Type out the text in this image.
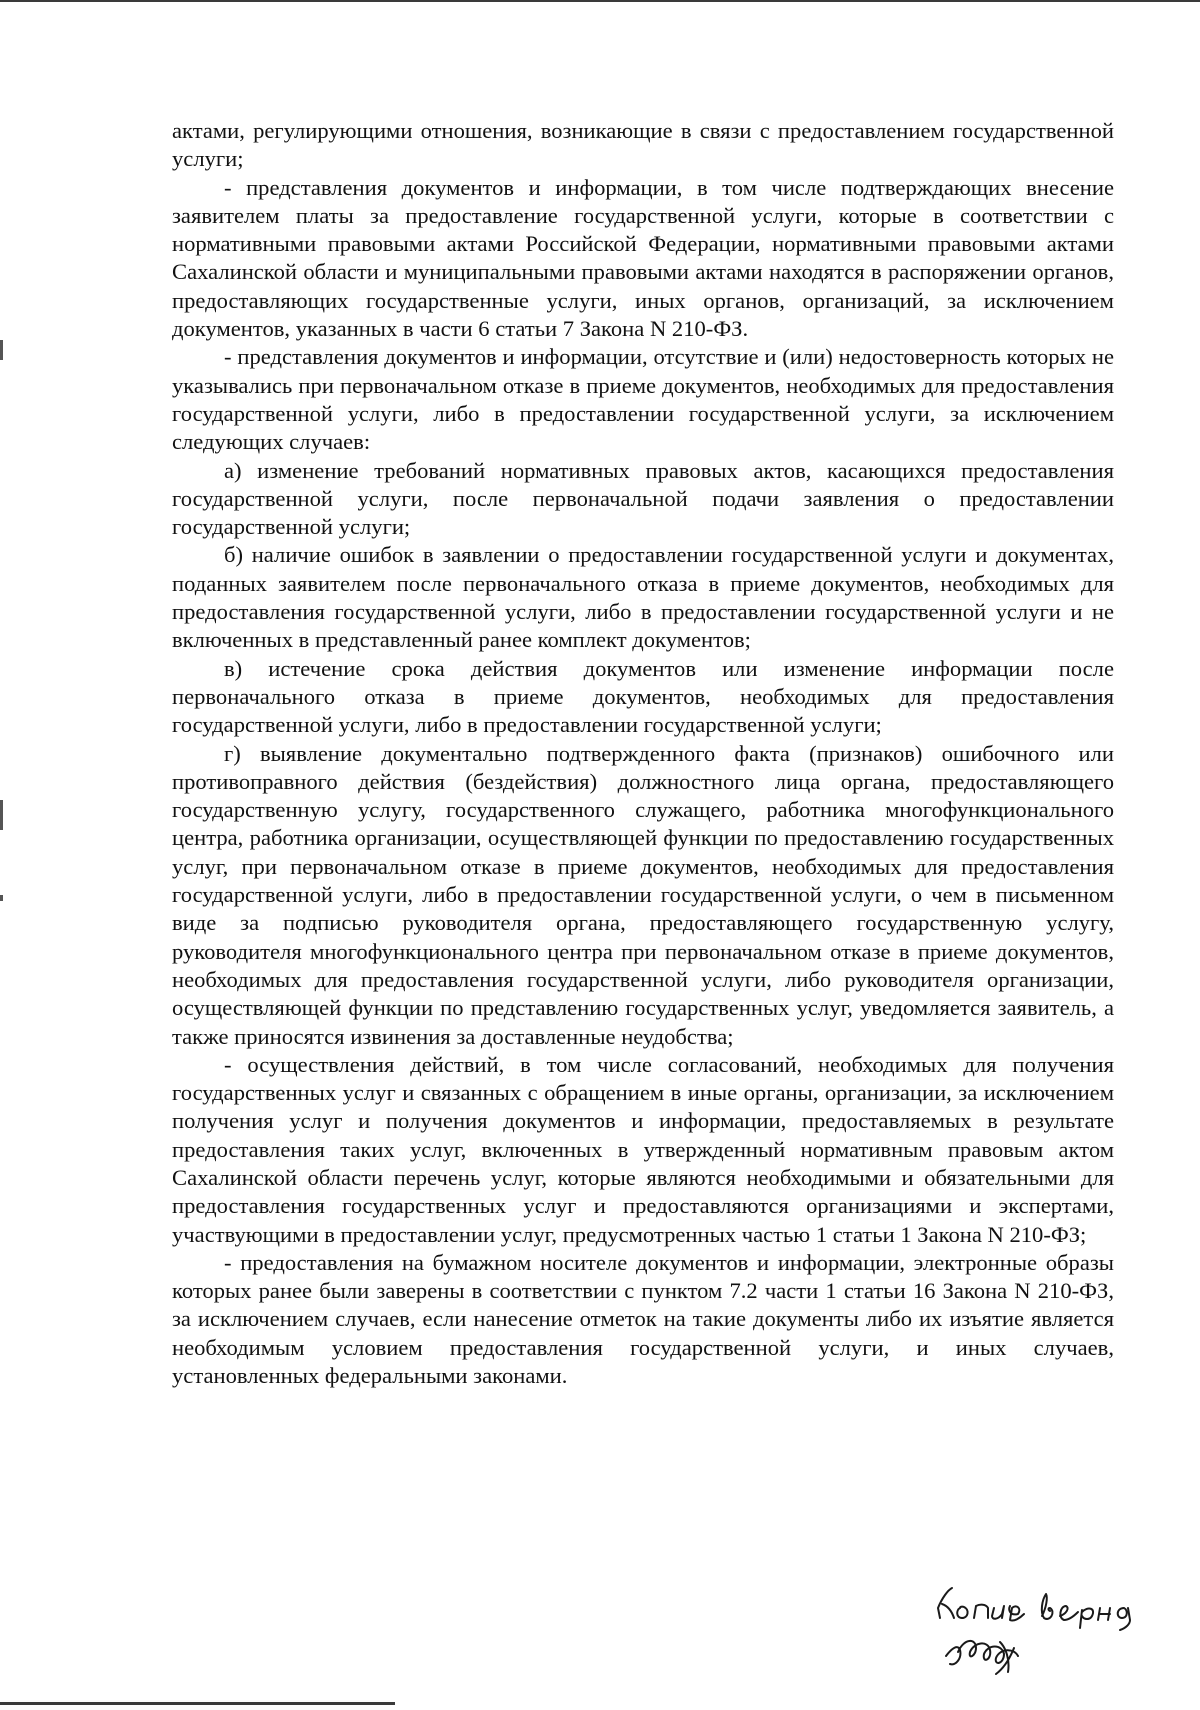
актами, регулирующими отношения, возникающие в связи с предоставлением государственной услуги;

- представления документов и информации, в том числе подтверждающих внесение заявителем платы за предоставление государственной услуги, которые в соответствии с нормативными правовыми актами Российской Федерации, нормативными правовыми актами Сахалинской области и муниципальными правовыми актами находятся в распоряжении органов, предоставляющих государственные услуги, иных органов, организаций, за исключением документов, указанных в части 6 статьи 7 Закона N 210-ФЗ.

- представления документов и информации, отсутствие и (или) недостоверность которых не указывались при первоначальном отказе в приеме документов, необходимых для предоставления государственной услуги, либо в предоставлении государственной услуги, за исключением следующих случаев:

а) изменение требований нормативных правовых актов, касающихся предоставления государственной услуги, после первоначальной подачи заявления о предоставлении государственной услуги;

б) наличие ошибок в заявлении о предоставлении государственной услуги и документах, поданных заявителем после первоначального отказа в приеме документов, необходимых для предоставления государственной услуги, либо в предоставлении государственной услуги и не включенных в представленный ранее комплект документов;

в) истечение срока действия документов или изменение информации после первоначального отказа в приеме документов, необходимых для предоставления государственной услуги, либо в предоставлении государственной услуги;

г) выявление документально подтвержденного факта (признаков) ошибочного или противоправного действия (бездействия) должностного лица органа, предоставляющего государственную услугу, государственного служащего, работника многофункционального центра, работника организации, осуществляющей функции по предоставлению государственных услуг, при первоначальном отказе в приеме документов, необходимых для предоставления государственной услуги, либо в предоставлении государственной услуги, о чем в письменном виде за подписью руководителя органа, предоставляющего государственную услугу, руководителя многофункционального центра при первоначальном отказе в приеме документов, необходимых для предоставления государственной услуги, либо руководителя организации, осуществляющей функции по представлению государственных услуг, уведомляется заявитель, а также приносятся извинения за доставленные неудобства;

- осуществления действий, в том числе согласований, необходимых для получения государственных услуг и связанных с обращением в иные органы, организации, за исключением получения услуг и получения документов и информации, предоставляемых в результате предоставления таких услуг, включенных в утвержденный нормативным правовым актом Сахалинской области перечень услуг, которые являются необходимыми и обязательными для предоставления государственных услуг и предоставляются организациями и экспертами, участвующими в предоставлении услуг, предусмотренных частью 1 статьи 1 Закона N 210-ФЗ;

- предоставления на бумажном носителе документов и информации, электронные образы которых ранее были заверены в соответствии с пунктом 7.2 части 1 статьи 16 Закона N 210-ФЗ, за исключением случаев, если нанесение отметок на такие документы либо их изъятие является необходимым условием предоставления государственной услуги, и иных случаев, установленных федеральными законами.
